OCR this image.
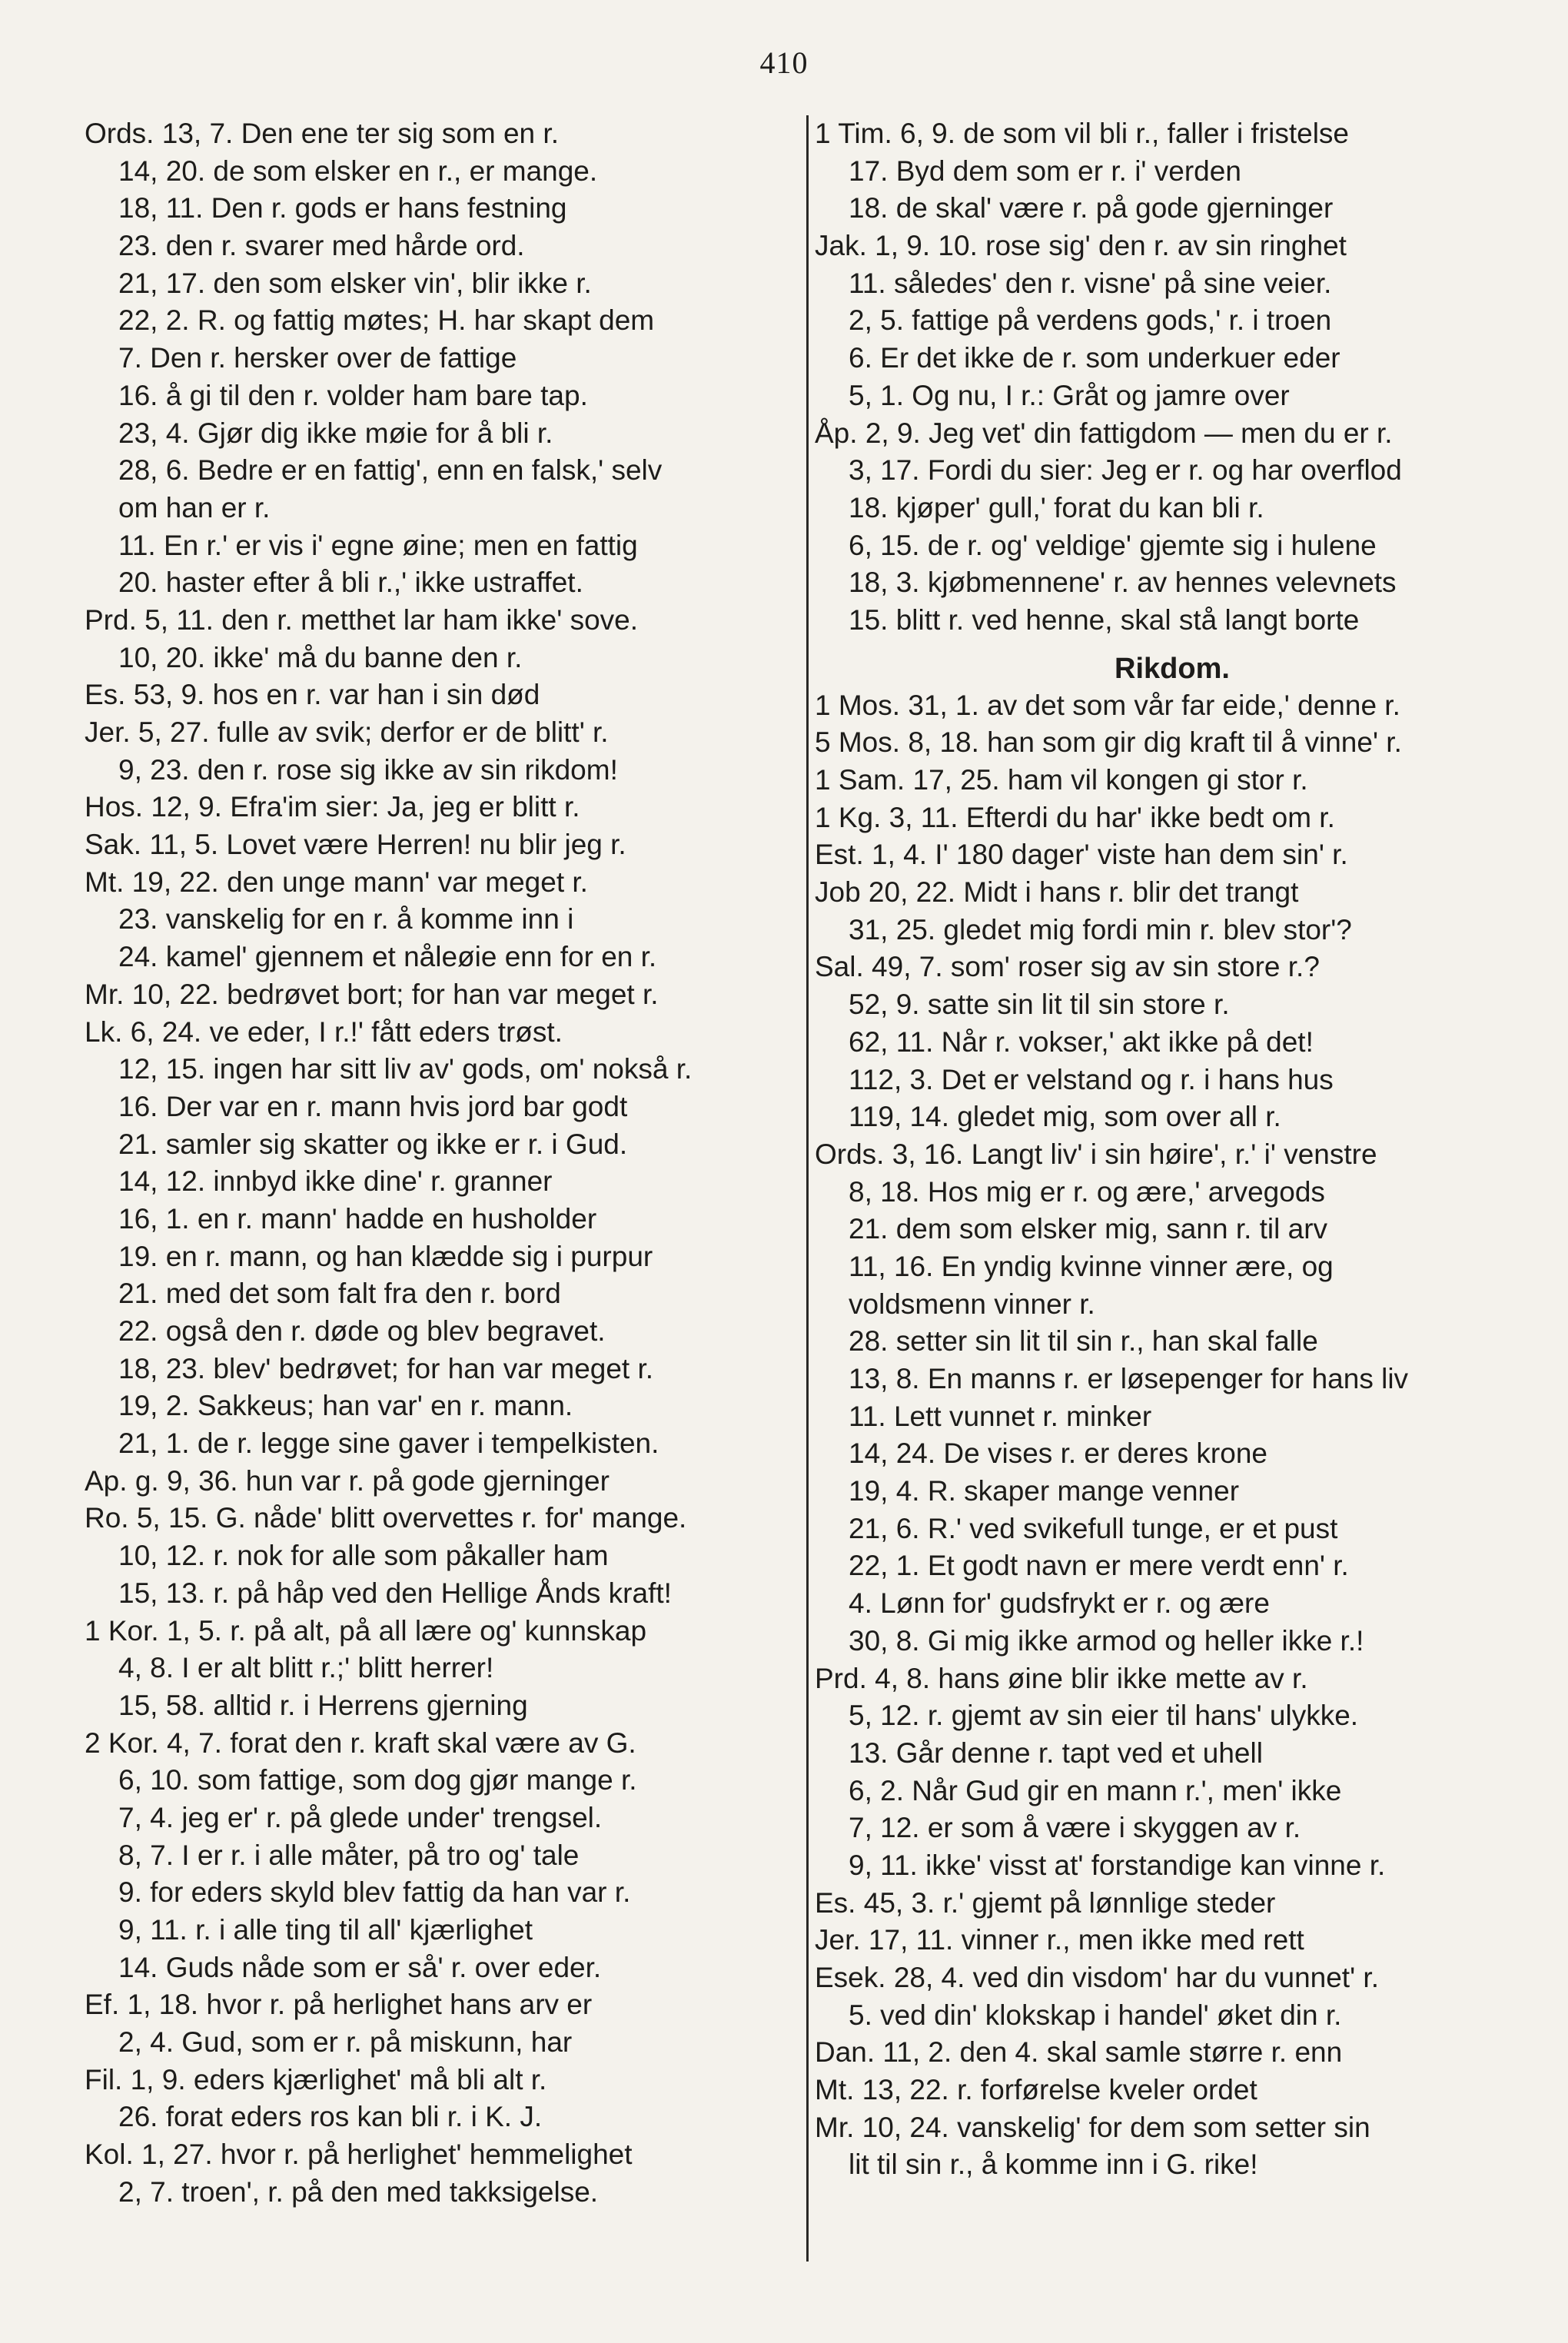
410
Ords. 13, 7. Den ene ter sig som en r.
14, 20. de som elsker en r., er mange.
18, 11. Den r. gods er hans festning
23. den r. svarer med hårde ord.
21, 17. den som elsker vin', blir ikke r.
22, 2. R. og fattig møtes; H. har skapt dem
7. Den r. hersker over de fattige
16. å gi til den r. volder ham bare tap.
23, 4. Gjør dig ikke møie for å bli r.
28, 6. Bedre er en fattig', enn en falsk,' selv
om han er r.
11. En r.' er vis i' egne øine; men en fattig
20. haster efter å bli r.,' ikke ustraffet.
Prd. 5, 11. den r. metthet lar ham ikke' sove.
10, 20. ikke' må du banne den r.
Es. 53, 9. hos en r. var han i sin død
Jer. 5, 27. fulle av svik; derfor er de blitt' r.
9, 23. den r. rose sig ikke av sin rikdom!
Hos. 12, 9. Efra'im sier: Ja, jeg er blitt r.
Sak. 11, 5. Lovet være Herren! nu blir jeg r.
Mt. 19, 22. den unge mann' var meget r.
23. vanskelig for en r. å komme inn i
24. kamel' gjennem et nåleøie enn for en r.
Mr. 10, 22. bedrøvet bort; for han var meget r.
Lk. 6, 24. ve eder, I r.!' fått eders trøst.
12, 15. ingen har sitt liv av' gods, om' nokså r.
16. Der var en r. mann hvis jord bar godt
21. samler sig skatter og ikke er r. i Gud.
14, 12. innbyd ikke dine' r. granner
16, 1. en r. mann' hadde en husholder
19. en r. mann, og han klædde sig i purpur
21. med det som falt fra den r. bord
22. også den r. døde og blev begravet.
18, 23. blev' bedrøvet; for han var meget r.
19, 2. Sakkeus; han var' en r. mann.
21, 1. de r. legge sine gaver i tempelkisten.
Ap. g. 9, 36. hun var r. på gode gjerninger
Ro. 5, 15. G. nåde' blitt overvettes r. for' mange.
10, 12. r. nok for alle som påkaller ham
15, 13. r. på håp ved den Hellige Ånds kraft!
1 Kor. 1, 5. r. på alt, på all lære og' kunnskap
4, 8. I er alt blitt r.;' blitt herrer!
15, 58. alltid r. i Herrens gjerning
2 Kor. 4, 7. forat den r. kraft skal være av G.
6, 10. som fattige, som dog gjør mange r.
7, 4. jeg er' r. på glede under' trengsel.
8, 7. I er r. i alle måter, på tro og' tale
9. for eders skyld blev fattig da han var r.
9, 11. r. i alle ting til all' kjærlighet
14. Guds nåde som er så' r. over eder.
Ef. 1, 18. hvor r. på herlighet hans arv er
2, 4. Gud, som er r. på miskunn, har
Fil. 1, 9. eders kjærlighet' må bli alt r.
26. forat eders ros kan bli r. i K. J.
Kol. 1, 27. hvor r. på herlighet' hemmelighet
2, 7. troen', r. på den med takksigelse.
1 Tim. 6, 9. de som vil bli r., faller i fristelse
17. Byd dem som er r. i' verden
18. de skal' være r. på gode gjerninger
Jak. 1, 9. 10. rose sig' den r. av sin ringhet
11. således' den r. visne' på sine veier.
2, 5. fattige på verdens gods,' r. i troen
6. Er det ikke de r. som underkuer eder
5, 1. Og nu, I r.: Gråt og jamre over
Åp. 2, 9. Jeg vet' din fattigdom — men du er r.
3, 17. Fordi du sier: Jeg er r. og har overflod
18. kjøper' gull,' forat du kan bli r.
6, 15. de r. og' veldige' gjemte sig i hulene
18, 3. kjøbmennene' r. av hennes velevnets
15. blitt r. ved henne, skal stå langt borte
Rikdom.
1 Mos. 31, 1. av det som vår far eide,' denne r.
5 Mos. 8, 18. han som gir dig kraft til å vinne' r.
1 Sam. 17, 25. ham vil kongen gi stor r.
1 Kg. 3, 11. Efterdi du har' ikke bedt om r.
Est. 1, 4. I' 180 dager' viste han dem sin' r.
Job 20, 22. Midt i hans r. blir det trangt
31, 25. gledet mig fordi min r. blev stor'?
Sal. 49, 7. som' roser sig av sin store r.?
52, 9. satte sin lit til sin store r.
62, 11. Når r. vokser,' akt ikke på det!
112, 3. Det er velstand og r. i hans hus
119, 14. gledet mig, som over all r.
Ords. 3, 16. Langt liv' i sin høire', r.' i' venstre
8, 18. Hos mig er r. og ære,' arvegods
21. dem som elsker mig, sann r. til arv
11, 16. En yndig kvinne vinner ære, og
voldsmenn vinner r.
28. setter sin lit til sin r., han skal falle
13, 8. En manns r. er løsepenger for hans liv
11. Lett vunnet r. minker
14, 24. De vises r. er deres krone
19, 4. R. skaper mange venner
21, 6. R.' ved svikefull tunge, er et pust
22, 1. Et godt navn er mere verdt enn' r.
4. Lønn for' gudsfrykt er r. og ære
30, 8. Gi mig ikke armod og heller ikke r.!
Prd. 4, 8. hans øine blir ikke mette av r.
5, 12. r. gjemt av sin eier til hans' ulykke.
13. Går denne r. tapt ved et uhell
6, 2. Når Gud gir en mann r.', men' ikke
7, 12. er som å være i skyggen av r.
9, 11. ikke' visst at' forstandige kan vinne r.
Es. 45, 3. r.' gjemt på lønnlige steder
Jer. 17, 11. vinner r., men ikke med rett
Esek. 28, 4. ved din visdom' har du vunnet' r.
5. ved din' klokskap i handel' øket din r.
Dan. 11, 2. den 4. skal samle større r. enn
Mt. 13, 22. r. forførelse kveler ordet
Mr. 10, 24. vanskelig' for dem som setter sin
lit til sin r., å komme inn i G. rike!
